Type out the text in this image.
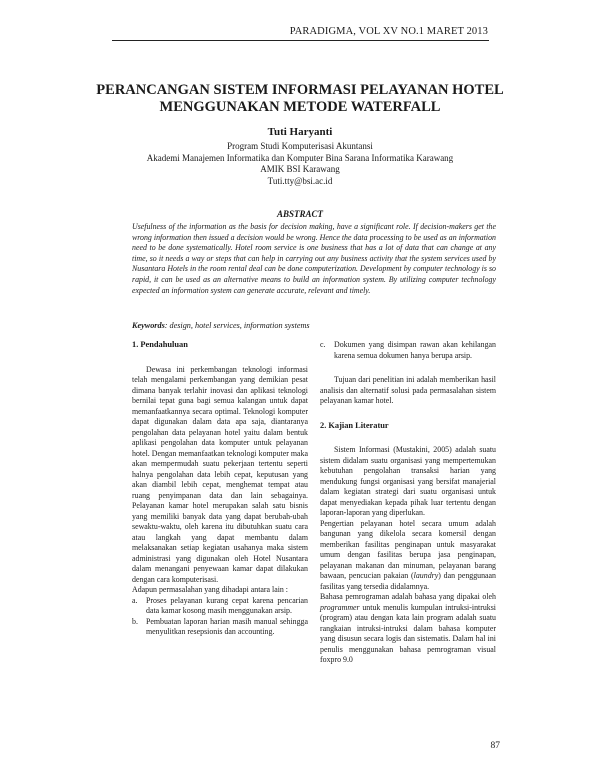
PARADIGMA, VOL XV NO.1 MARET 2013
PERANCANGAN SISTEM INFORMASI PELAYANAN HOTEL
MENGGUNAKAN METODE WATERFALL
Tuti Haryanti
Program Studi Komputerisasi Akuntansi
Akademi Manajemen Informatika dan Komputer Bina Sarana Informatika Karawang
AMIK BSI Karawang
Tuti.tty@bsi.ac.id
ABSTRACT

Usefulness of the information as the basis for decision making, have a significant role. If decision-makers get the wrong information then issued a decision would be wrong. Hence the data processing to be used as an information need to be done systematically. Hotel room service is one business that has a lot of data that can change at any time, so it needs a way or steps that can help in carrying out any business activity that the system services used by Nusantara Hotels in the room rental deal can be done computerization. Development by computer technology is so rapid, it can be used as an alternative means to build an information system. By utilizing computer technology expected an information system can generate accurate, relevant and timely.

Keywords: design, hotel services, information systems

1. Pendahuluan

Dewasa ini perkembangan teknologi informasi telah mengalami perkembangan yang demikian pesat dimana banyak terlahir inovasi dan aplikasi teknologi bernilai tepat guna bagi semua kalangan untuk dapat memanfaatkannya secara optimal. Teknologi komputer dapat digunakan dalam data apa saja, diantaranya pengolahan data pelayanan hotel yaitu dalam bentuk aplikasi pengolahan data komputer untuk pelayanan hotel. Dengan memanfaatkan teknologi komputer maka akan mempermudah suatu pekerjaan tertentu seperti halnya pengolahan data lebih cepat, keputusan yang akan diambil lebih cepat, menghemat tempat atau ruang penyimpanan data dan lain sebagainya. Pelayanan kamar hotel merupakan salah satu bisnis yang memiliki banyak data yang dapat berubah-ubah sewaktu-waktu, oleh karena itu dibutuhkan suatu cara atau langkah yang dapat membantu dalam melaksanakan setiap kegiatan usahanya maka sistem administrasi yang digunakan oleh Hotel Nusantara dalam menangani penyewaan kamar dapat dilakukan dengan cara komputerisasi.

Adapun permasalahan yang dihadapi antara lain :

a. Proses pelayanan kurang cepat karena pencarian data kamar kosong masih menggunakan arsip.
b. Pembuatan laporan harian masih manual sehingga menyulitkan resepsionis dan accounting.
c. Dokumen yang disimpan rawan akan kehilangan karena semua dokumen hanya berupa arsip.

Tujuan dari penelitian ini adalah memberikan hasil analisis dan alternatif solusi pada permasalahan sistem pelayanan kamar hotel.

2. Kajian Literatur

Sistem Informasi (Mustakini, 2005) adalah suatu sistem didalam suatu organisasi yang mempertemukan kebutuhan pengolahan transaksi harian yang mendukung fungsi organisasi yang bersifat manajerial dalam kegiatan strategi dari suatu organisasi untuk dapat menyediakan kepada pihak luar tertentu dengan laporan-laporan yang diperlukan.

Pengertian pelayanan hotel secara umum adalah bangunan yang dikelola secara komersil dengan memberikan fasilitas penginapan untuk masyarakat umum dengan fasilitas berupa jasa penginapan, pelayanan makanan dan minuman, pelayanan barang bawaan, pencucian pakaian (laundry) dan penggunaan fasilitas yang tersedia didalamnya.

Bahasa pemrograman adalah bahasa yang dipakai oleh programmer untuk menulis kumpulan intruksi-intruksi (program) atau dengan kata lain program adalah suatu rangkaian intruksi-intruksi dalam bahasa komputer yang disusun secara logis dan sistematis. Dalam hal ini penulis menggunakan bahasa pemrograman visual foxpro 9.0

87
